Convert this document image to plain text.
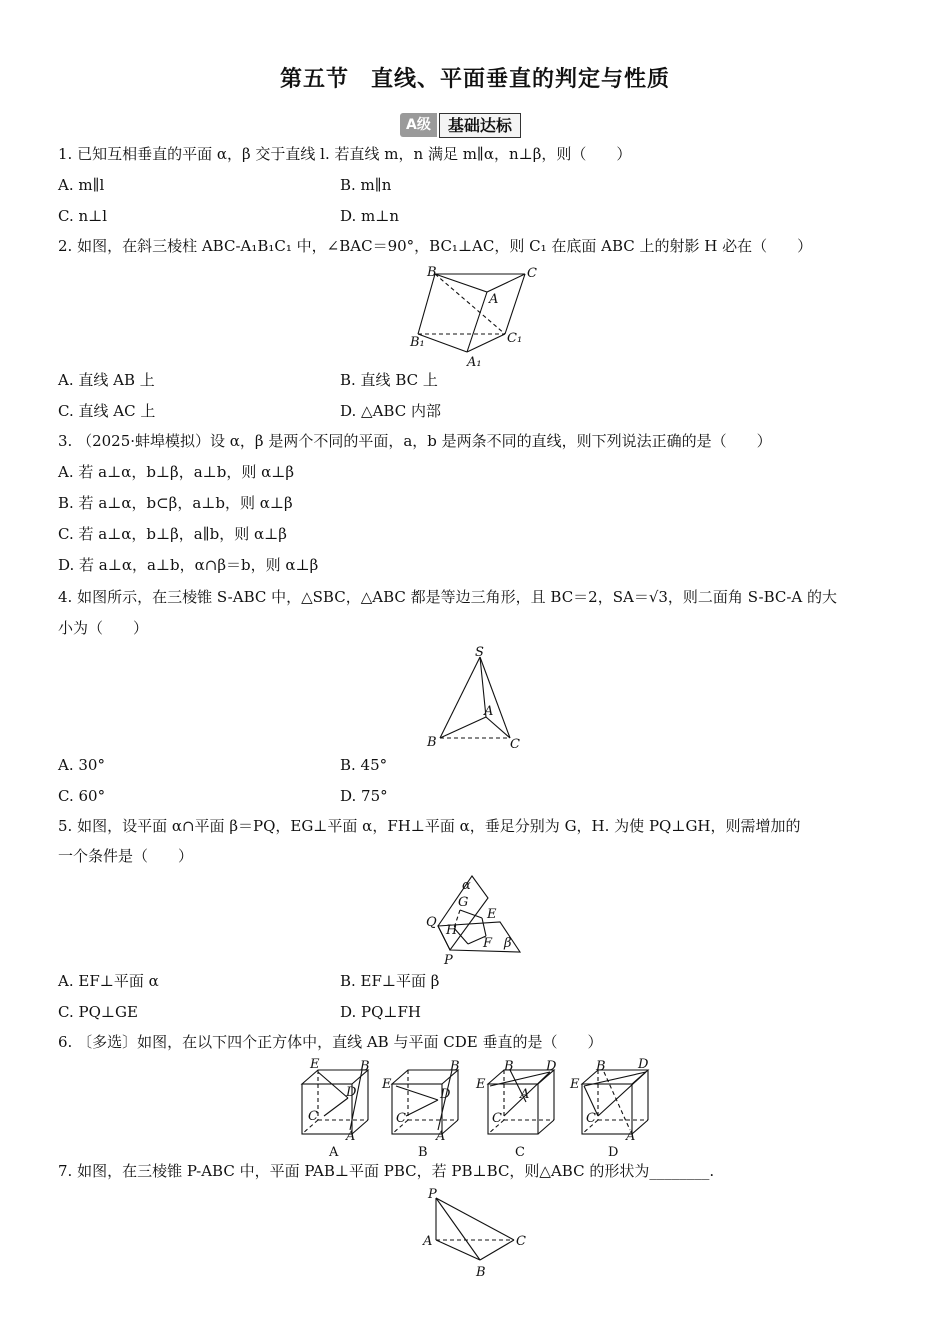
第五节 直线、平面垂直的判定与性质
A级	基础达标
1. 已知互相垂直的平面 α，β 交于直线 l. 若直线 m，n 满足 m∥α，n⊥β，则（　　）
A. m∥l	B. m∥n
C. n⊥l	D. m⊥n
2. 如图，在斜三棱柱 ABC-A₁B₁C₁ 中，∠BAC＝90°，BC₁⊥AC，则 C₁ 在底面 ABC 上的射影 H 必在（　　）
B	C
A
B₁	C₁
A₁
A. 直线 AB 上	B. 直线 BC 上
C. 直线 AC 上	D. △ABC 内部
3. （2025·蚌埠模拟）设 α，β 是两个不同的平面，a，b 是两条不同的直线，则下列说法正确的是（　　）
A. 若 a⊥α，b⊥β，a⊥b，则 α⊥β
B. 若 a⊥α，b⊂β，a⊥b，则 α⊥β
C. 若 a⊥α，b⊥β，a∥b，则 α⊥β
D. 若 a⊥α，a⊥b，α∩β＝b，则 α⊥β
4. 如图所示，在三棱锥 S-ABC 中，△SBC，△ABC 都是等边三角形，且 BC＝2，SA＝√3，则二面角 S-BC-A 的大
小为（　　）
S
A
B	C
A. 30°	B. 45°
C. 60°	D. 75°
5. 如图，设平面 α∩平面 β＝PQ，EG⊥平面 α，FH⊥平面 α，垂足分别为 G，H. 为使 PQ⊥GH，则需增加的
一个条件是（　　）
α
G
E
Q
H
F β
P
A. EF⊥平面 α	B. EF⊥平面 β
C. PQ⊥GE	D. PQ⊥FH
6. 〔多选〕如图，在以下四个正方体中，直线 AB 与平面 CDE 垂直的是（　　）
E	B
D
C
A
A
E
B
D
C
A
B
E
B D
C
A
C
E
B D
C
A
D
7. 如图，在三棱锥 P-ABC 中，平面 PAB⊥平面 PBC，若 PB⊥BC，则△ABC 的形状为________.
P
A	C
B
